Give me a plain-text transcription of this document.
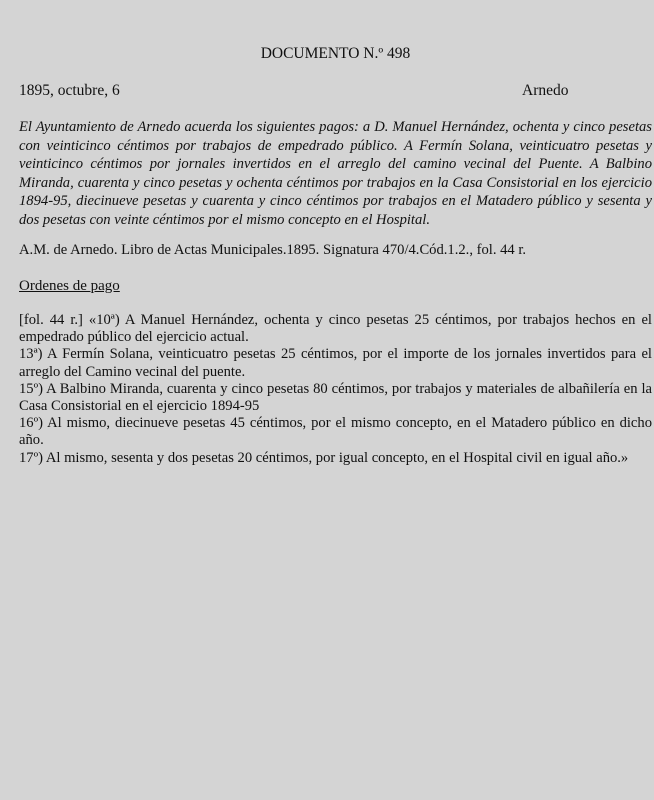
DOCUMENTO N.º 498
1895, octubre, 6	Arnedo

El Ayuntamiento de Arnedo acuerda los siguientes pagos: a D. Manuel Hernández, ochenta y cinco pesetas con veinticinco céntimos por trabajos de empedrado público. A Fermín Solana, veinticuatro pesetas y veinticinco céntimos por jornales invertidos en el arreglo del camino vecinal del Puente. A Balbino Miranda, cuarenta y cinco pesetas y ochenta céntimos por trabajos en la Casa Consistorial en los ejercicio 1894-95, diecinueve pesetas y cuarenta y cinco céntimos por trabajos en el Matadero público y sesenta y dos pesetas con veinte céntimos por el mismo concepto en el Hospital.

A.M. de Arnedo. Libro de Actas Municipales.1895. Signatura 470/4.Cód.1.2., fol. 44 r.
Ordenes de pago

[fol. 44 r.] «10ª) A Manuel Hernández, ochenta y cinco pesetas 25 céntimos, por trabajos hechos en el empedrado público del ejercicio actual.

13ª) A Fermín Solana, veinticuatro pesetas 25 céntimos, por el importe de los jornales invertidos para el arreglo del Camino vecinal del puente.

15º) A Balbino Miranda, cuarenta y cinco pesetas 80 céntimos, por trabajos y materiales de albañilería en la Casa Consistorial en el ejercicio 1894-95

16º) Al mismo, diecinueve pesetas 45 céntimos, por el mismo concepto, en el Matadero público en dicho año.

17º) Al mismo, sesenta y dos pesetas 20 céntimos, por igual concepto, en el Hospital civil en igual año.»
